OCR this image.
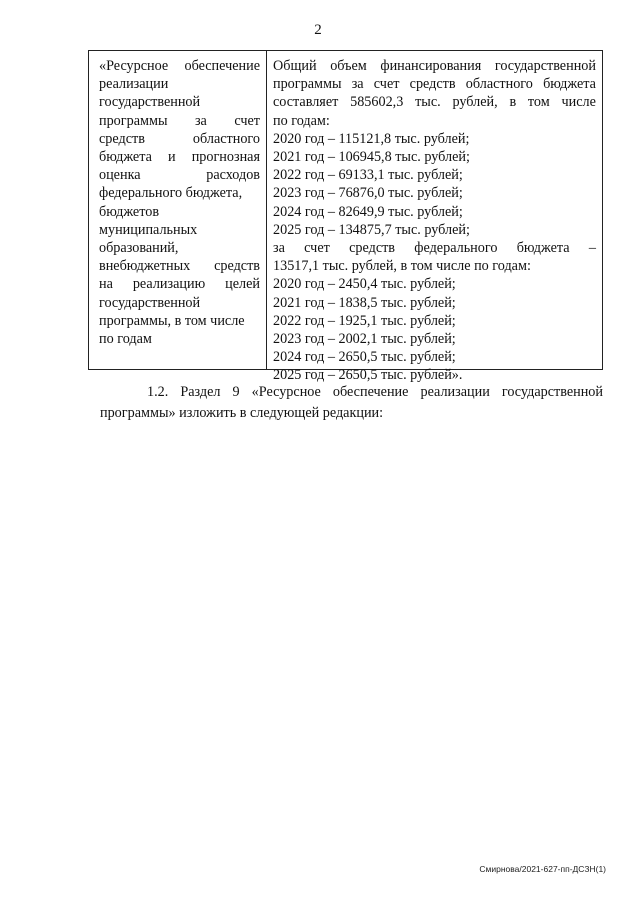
2
«Ресурсное обеспечение
реализации
государственной
программы за счет
средств	областного
бюджета и прогнозная
оценка	расходов
федерального бюджета,
бюджетов
муниципальных
образований,
внебюджетных средств
на реализацию целей
государственной
программы, в том числе
по годам
Общий объем финансирования государственной
программы за счет средств областного бюджета
составляет 585602,3 тыс. рублей, в том числе
по годам:
2020 год – 115121,8 тыс. рублей;
2021 год – 106945,8 тыс. рублей;
2022 год – 69133,1 тыс. рублей;
2023 год – 76876,0 тыс. рублей;
2024 год – 82649,9 тыс. рублей;
2025 год – 134875,7 тыс. рублей;
за счет средств федерального бюджета –
13517,1 тыс. рублей, в том числе по годам:
2020 год – 2450,4 тыс. рублей;
2021 год – 1838,5 тыс. рублей;
2022 год – 1925,1 тыс. рублей;
2023 год – 2002,1 тыс. рублей;
2024 год – 2650,5 тыс. рублей;
2025 год – 2650,5 тыс. рублей».
1.2. Раздел 9 «Ресурсное обеспечение реализации государственной
программы» изложить в следующей редакции:
Смирнова/2021-627-пп-ДСЗН(1)
